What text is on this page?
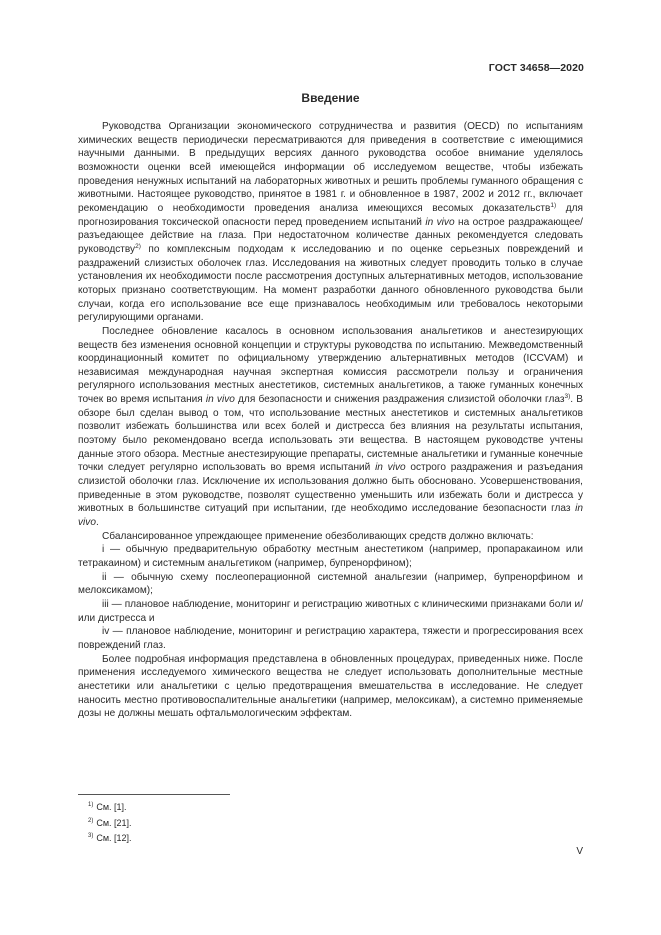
ГОСТ 34658—2020
Введение

Руководства Организации экономического сотрудничества и развития (OECD) по испытаниям химических веществ периодически пересматриваются для приведения в соответствие с имеющимися научными данными. В предыдущих версиях данного руководства особое внимание уделялось возможности оценки всей имеющейся информации об исследуемом веществе, чтобы избежать проведения ненужных испытаний на лабораторных животных и решить проблемы гуманного обращения с животными. Настоящее руководство, принятое в 1981 г. и обновленное в 1987, 2002 и 2012 гг., включает рекомендацию о необходимости проведения анализа имеющихся весомых доказательств$^{1)}$ для прогнозирования токсической опасности перед проведением испытаний in vivo на острое раздражающее/разъедающее действие на глаза. При недостаточном количестве данных рекомендуется следовать руководству$^{2)}$ по комплексным подходам к исследованию и по оценке серьезных повреждений и раздражений слизистых оболочек глаз. Исследования на животных следует проводить только в случае установления их необходимости после рассмотрения доступных альтернативных методов, использование которых признано соответствующим. На момент разработки данного обновленного руководства были случаи, когда его использование все еще признавалось необходимым или требовалось некоторыми регулирующими органами.

Последнее обновление касалось в основном использования анальгетиков и анестезирующих веществ без изменения основной концепции и структуры руководства по испытанию. Межведомственный координационный комитет по официальному утверждению альтернативных методов (ICCVAM) и независимая международная научная экспертная комиссия рассмотрели пользу и ограничения регулярного использования местных анестетиков, системных анальгетиков, а также гуманных конечных точек во время испытания in vivo для безопасности и снижения раздражения слизистой оболочки глаз$^{3)}$. В обзоре был сделан вывод о том, что использование местных анестетиков и системных анальгетиков позволит избежать большинства или всех болей и дистресса без влияния на результаты испытания, поэтому было рекомендовано всегда использовать эти вещества. В настоящем руководстве учтены данные этого обзора. Местные анестезирующие препараты, системные анальгетики и гуманные конечные точки следует регулярно использовать во время испытаний in vivo острого раздражения и разъедания слизистой оболочки глаз. Исключение их использования должно быть обосновано. Усовершенствования, приведенные в этом руководстве, позволят существенно уменьшить или избежать боли и дистресса у животных в большинстве ситуаций при испытании, где необходимо исследование безопасности глаз in vivo.

Сбалансированное упреждающее применение обезболивающих средств должно включать:

i — обычную предварительную обработку местным анестетиком (например, пропаракаином или тетракаином) и системным анальгетиком (например, бупренорфином);

ii — обычную схему послеоперационной системной анальгезии (например, бупренорфином и мелоксикамом);

iii — плановое наблюдение, мониторинг и регистрацию животных с клиническими признаками боли и/или дистресса и

iv — плановое наблюдение, мониторинг и регистрацию характера, тяжести и прогрессирования всех повреждений глаз.

Более подробная информация представлена в обновленных процедурах, приведенных ниже. После применения исследуемого химического вещества не следует использовать дополнительные местные анестетики или анальгетики с целью предотвращения вмешательства в исследование. Не следует наносить местно противовоспалительные анальгетики (например, мелоксикам), а системно применяемые дозы не должны мешать офтальмологическим эффектам.

$^{1)}$ См. [1].
$^{2)}$ См. [21].
$^{3)}$ См. [12].
V
